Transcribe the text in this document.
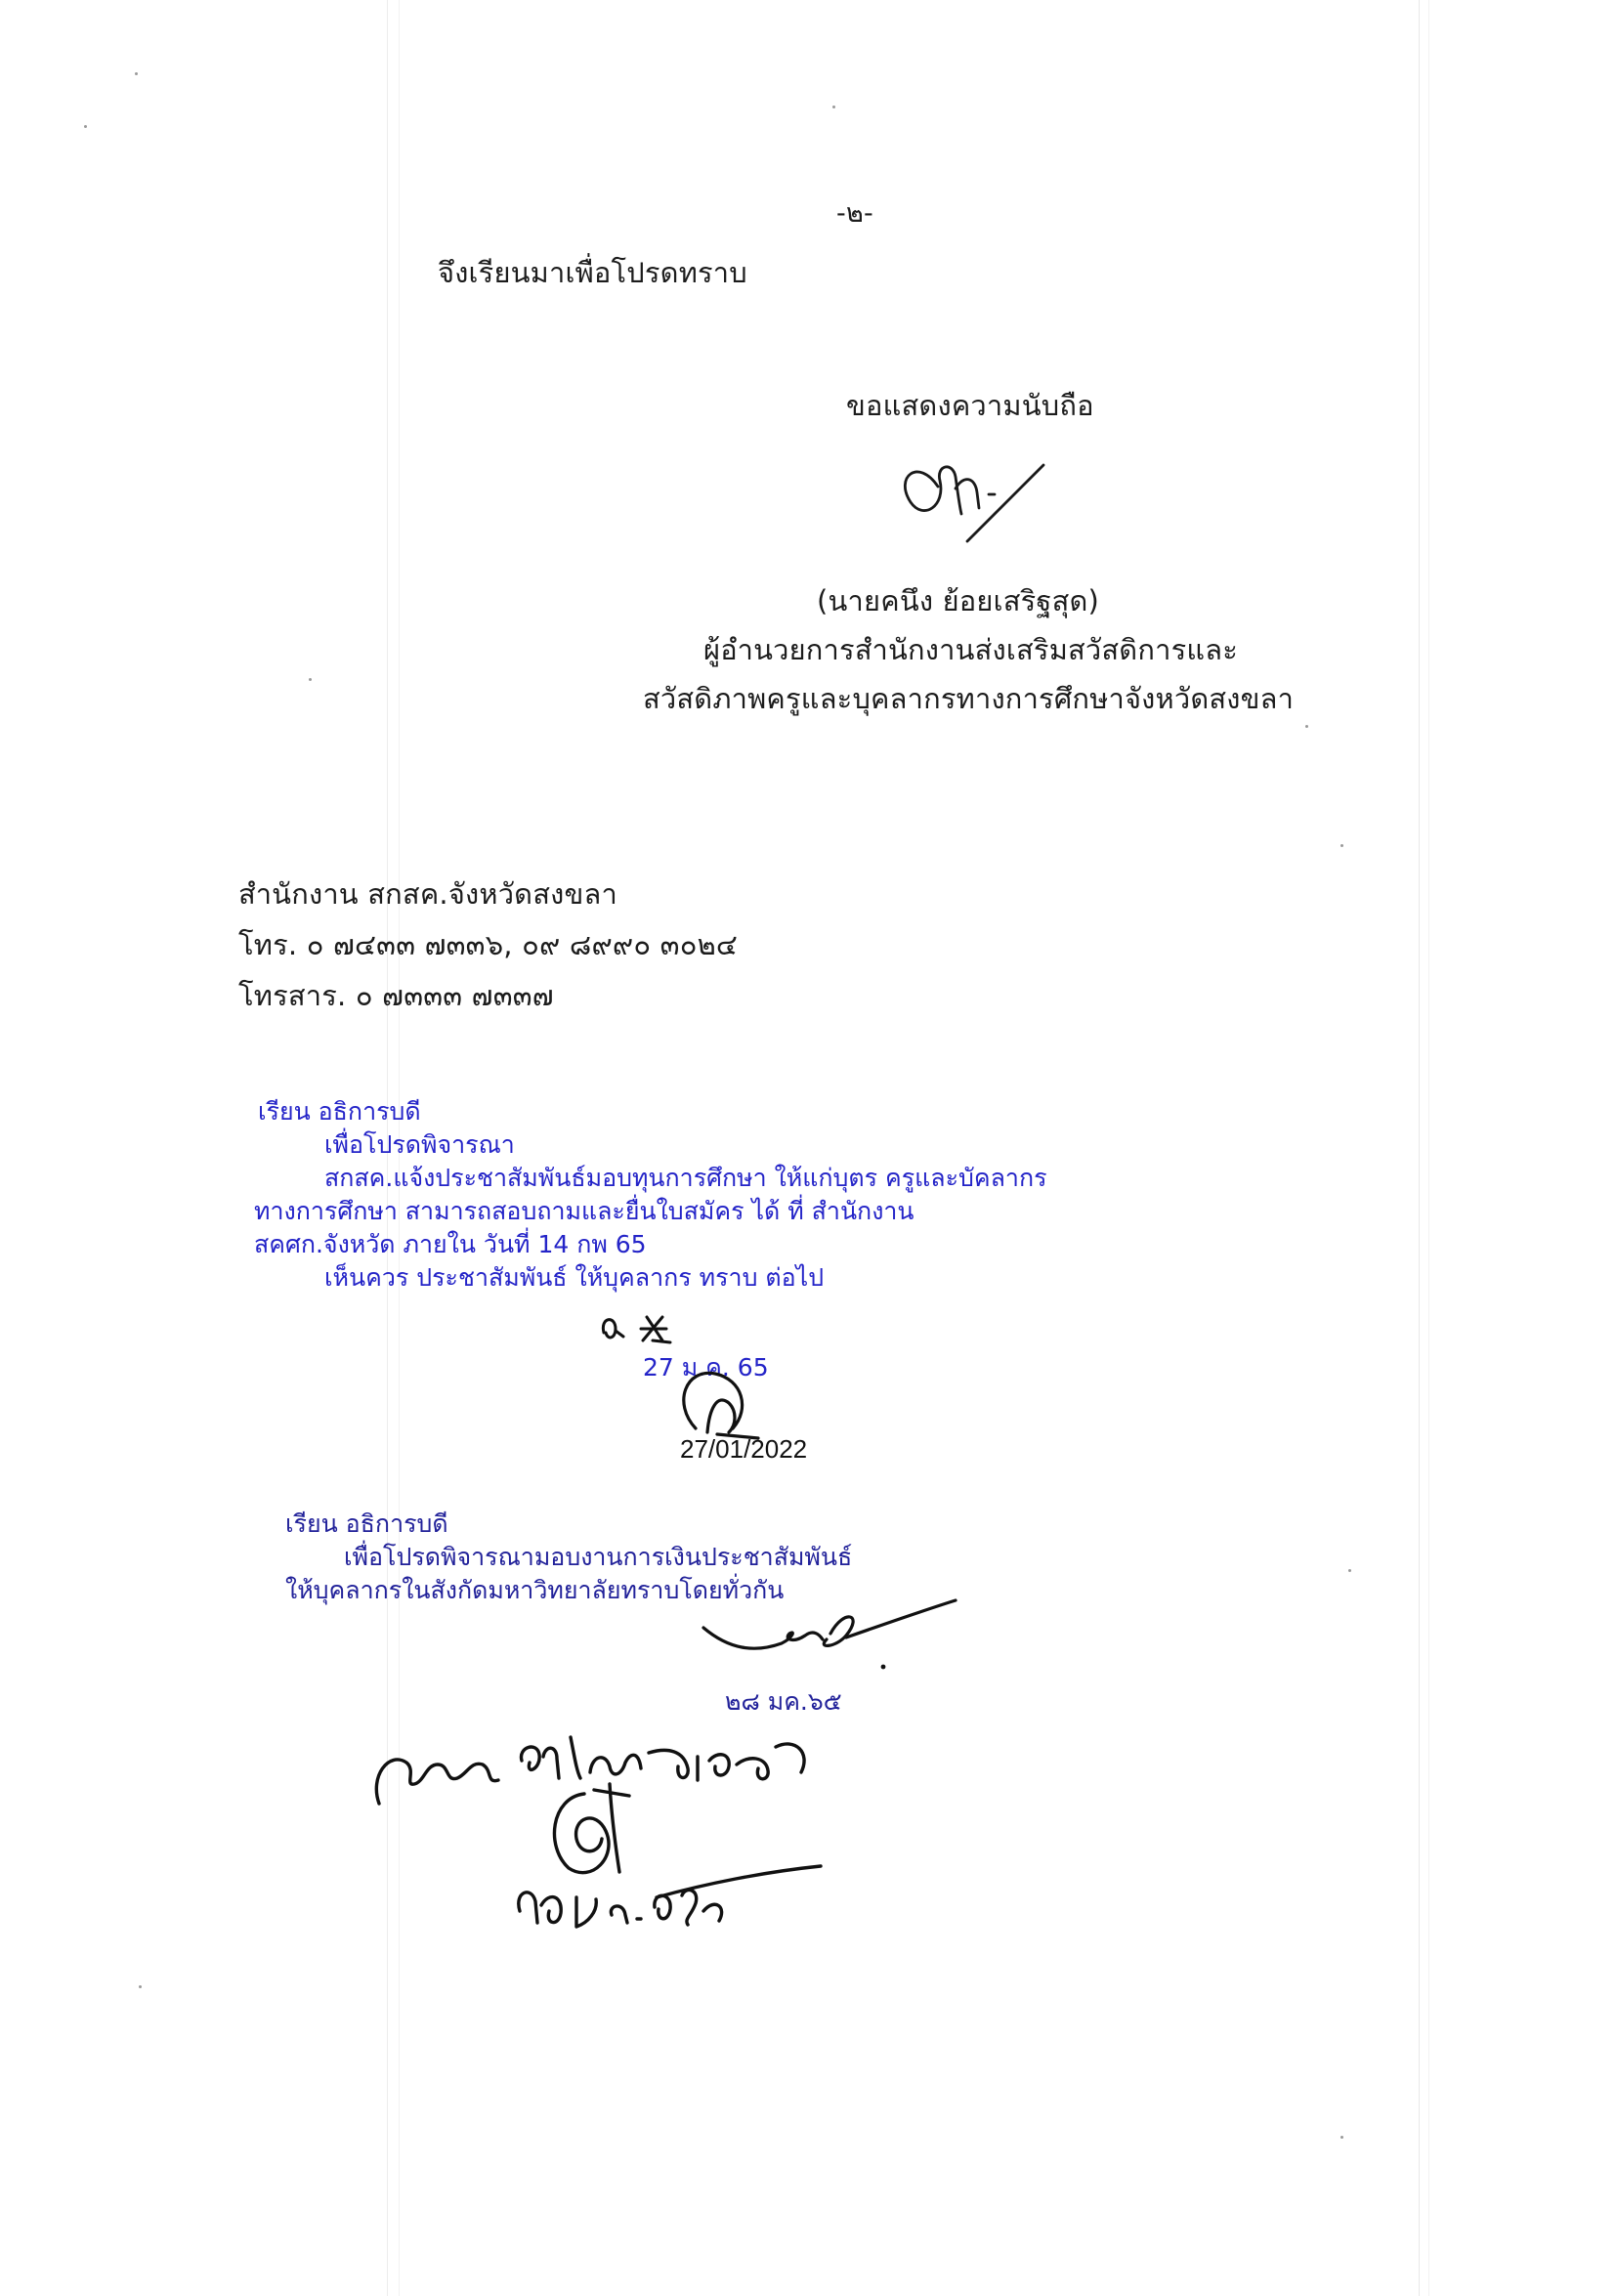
-๒-
จึงเรียนมาเพื่อโปรดทราบ
ขอแสดงความนับถือ
(นายคนึง ย้อยเสริฐสุด)
ผู้อำนวยการสำนักงานส่งเสริมสวัสดิการและ
สวัสดิภาพครูและบุคลากรทางการศึกษาจังหวัดสงขลา
สำนักงาน สกสค.จังหวัดสงขลา
โทร. ๐ ๗๔๓๓ ๗๓๓๖, ๐๙ ๘๙๙๐ ๓๐๒๔
โทรสาร. ๐ ๗๓๓๓ ๗๓๓๗
เรียน อธิการบดี
เพื่อโปรดพิจารณา
สกสค.แจ้งประชาสัมพันธ์มอบทุนการศึกษา ให้แก่บุตร ครูและบัคลากร
ทางการศึกษา สามารถสอบถามและยื่นใบสมัคร ได้ ที่ สำนักงาน
สคศก.จังหวัด ภายใน วันที่ 14 กพ 65
เห็นควร ประชาสัมพันธ์ ให้บุคลากร ทราบ ต่อไป
27 ม.ค. 65
27/01/2022
เรียน อธิการบดี
เพื่อโปรดพิจารณามอบงานการเงินประชาสัมพันธ์
ให้บุคลากรในสังกัดมหาวิทยาลัยทราบโดยทั่วกัน
๒๘ มค.๖๕
